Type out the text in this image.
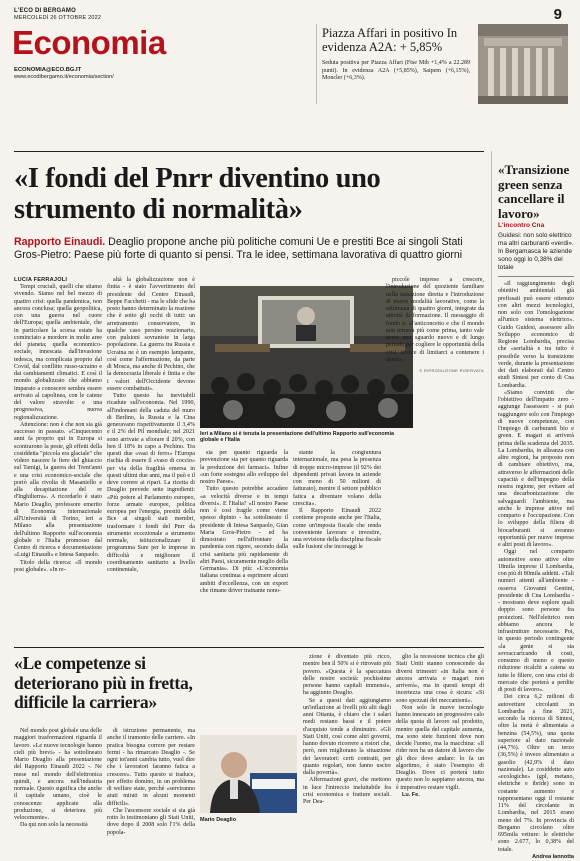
L'ECO DI BERGAMO
MERCOLEDÌ 26 OTTOBRE 2022	9
Economia
ECONOMIA@ECO.BG.IT
www.ecodibergamo.it/economia/section/
Piazza Affari in positivo In evidenza A2A: + 5,85%
Seduta positiva per Piazza Affari (Ftse Mib +1,4% a 22.289 punti). In evidenza A2A (+5,85%), Saipem (+6,15%), Moncler (+6,3%).
«I fondi del Pnrr diventino uno strumento di normalità»
Rapporto Einaudi. Deaglio propone anche più politiche comuni Ue e prestiti Bce ai singoli Stati Gros-Pietro: Paese più forte di quanto si pensi. Tra le idee, settimana lavorativa di quattro giorni
«Transizione green senza cancellare il lavoro»
L'incontro Cna
Guidesi: non solo elettrico ma altri carburanti «verdi». In Bergamasca le aziende sono oggi lo 0,38% del totale

«Il raggiungimento degli obiettivi ambientali già prefissati può essere ottenuto con altri mezzi tecnologici, non solo con l'omologazione all'unico sistema elettrico». Guido Guidesi, assessore allo Sviluppo economico di Regione Lombardia, precisa che «serialità e tra tutto è possibile verso la transizione verde, durante la presentazione dei dati elaborati dal Centro studi Sintesi per conto di Cna Lombardia.

«Siamo convinti che l'obiettivo dell'impatto zero - aggiunge l'assessore - si può raggiungere solo con l'impiego di nuove competenze, con l'impiego di carburanti bio e green. E magari si arriverà prima della scadenza del 2035. La Lombardia, in alleanza con altre regioni, ha proposto non di cambiare obiettivo, ma, attraverso le affermazioni delle capacità e dell'impegno della nostra regione, per evitare ad una decarbonizzazione che salvaguardi l'ambiente, ma anche le imprese attive nel comparto e l'occupazione. Con lo sviluppo della filiera di biocarburanti si avranno opportunità per nuove imprese e altri posti di lavoro».

Oggi nel comparto automotive sono attive oltre 18mila imprese il Lombardia, con più di 80mila addetti. «Tali numeri attenti all'ambiente - osserva Giovanni Gentini, presidente di Cna Lombardia - - mostrano deve esplore quali doppio sono persone fra proiezioni. Nell'elettrico non abbiamo ancora le infrastrutture necessarie. Poi, in questo periodo contingente «la gente si sta sovraccaricando di costi, consumo di meno e questo riduzione ricalchi a catena su tutte le filiere, con una crisi di mercato che porterà a perdite di posti di lavoro».

Dei circa 6,2 milioni di autovetture circolanti in Lombardia a fine 2021, secondo la ricerca di Sintesi, oltre la metà è alimentata a benzina (54,5%), una quota superiore al dato nazionale (44,7%). Oltre un terzo (36,5%) è invece alimentato a gasolio (42,9% il dato nazionale). Le cosiddette auto «ecologiche» (gpl, metano, elettriche e ibride) sono in costante aumento e rappresentano oggi il restante 11% del circolante in Lombardia, nel 2015 erano meno del 7%. In provincia di Bergamo circolano oltre 695mila vetture: le elettriche sono 2.677, lo 0,38% del totale.

Andrea Iannotta

LUCIA FERRAJOLI

Tempi cruciali, quelli che stiamo vivendo. Siamo nel bel mezzo di quattro crisi: quella pandemica, non ancora conclusa; quella geopolitica, con una guerra nel cuore dell'Europa; quella ambientale, che in particolare la scorsa estate ha cominciato a mordere in molte aree del pianeta; quella economico-sociale, innescata dall'invasione tedesca, ma complicata proprio dal Covid, dal conflitto russo-ucraino e dai cambiamenti climatici. E così il mondo globalizzato che abbiamo imparato a conoscere sembra essere arrivato al capolinea, con le catene del valore stravolte e una progressiva, nuova regionalizzazione.

Attenzione: non è che non sia già successo in passato. «Cinquecento anni fa proprio qui in Europa si scontrarono la peste, gli effetti della cosiddetta "piccola era glaciale" che videro nascere le fiere del ghiaccio sul Tamigi, la guerra dei Trent'anni e una crisi economico-sociale che portò alla rivolta di Masaniello e alla decapitazione del re d'Inghilterra». A ricordarlo è stato Mario Deaglio, professore emerito di Economia internazionale all'Università di Torino, ieri a Milano alla presentazione dell'ultimo Rapporto sull'economia globale e l'Italia promosso dal Centro di ricerca e documentazione «Luigi Einaudi» e Intesa Sanpaolo.

Titolo della ricerca: «Il mondo post globale». «In re-

altà la globalizzazione non è finita - è stato l'avvertimento del presidente del Centro Einaudi, Beppe Facchetti - ma le sfide che ha posto hanno determinato la reazione che è sotto gli occhi di tutti: un arretramento conservatore, in qualche caso persino reazionario, con pulsioni sovraniste in larga popolazione. La guerra tra Russia e Ucraina ne è un esempio lampante, così come l'affermazione, da parte di Mosca, ma anche di Pechino, che la democrazia liberale è finita e che i valori dell'Occidente devono essere combattuti».

Tutto questo ha inevitabili ricadute sull'economia. Nel 1990, all'indomani della caduta del muro di Berlino, la Russia e la Cina generavano rispettivamente il 3,4% e il 2% del Pil mondiale; nel 2021 sono arrivate a sfiorare il 20%, con ben il 18% in capo a Pechino. Tra questi due «vasi di ferro» l'Europa rischia di essere il «vaso di coccio» per via della fragilità emersa in questi ultimi due anni, ma il può e il deve correre ai ripari. La ricetta di Deaglio prevede sette ingredienti: «Più potere al Parlamento europeo, forze armate europee, politica europea per l'energia, prestiti della Bce ai singoli stati membri, trasformare i fondi del Pnrr da strumento eccezionale a strumento normale, istituzionalizzare il programma Sure per le imprese in difficoltà e migliorare il coordinamento sanitario a livello continentale,

Ieri a Milano si è tenuta la presentazione dell'ultimo Rapporto sull'economia globale e l'Italia

sia per quanto riguarda la prevenzione sia per quanto riguarda la produzione dei farmaci». Infine «un forte sostegno allo sviluppo del nostro Paese».

Tutto questo potrebbe accadere «a velocità diverse e in tempi diversi». E l'Italia? «Il nostro Paese non è così fragile come viene spesso dipinto - ha sottolineato il presidente di Intesa Sanpaolo, Gian Maria Gros-Pietro - ed ha dimostrato nell'affrontare la pandemia con rigore, secondo dalla crisi sanitaria più rapidamente di altri Paesi, sicuramente meglio della Germania». Di più: «L'economia italiana continua a esprimere alcuni ambiti d'eccellenza, con un export che rimane driver trainante nono-

stante la congiuntura internazionale, ma pesa la presenza di troppe micro-imprese (il 92% dei dipendenti privati lavora in aziende con meno di 50 milioni di fatturato), mentre il settore pubblico fatica a diventare volano della crescita».

Il Rapporto Einaudi 2022 contiene proposte anche per l'Italia, come un'imposta fiscale che renda conveniente lavorare e investire, una revisione della disciplina fiscale sulle fusioni che incoraggi le

piccole imprese a crescere, l'introduzione del quoziente familiare nella tassazione diretta e l'introduzione di nuove modalità lavorative, come la settimana di quattro giorni, integrate da attività di formazione. Il messaggio di fondo è: «l'anticoncetto e che il mondo non tornerà più come prima, tanto vale avere uno sguardo nuovo e di lungo periodo per cogliere le opportunità della crisi, invece di limitarci a contenere i danni».

© RIPRODUZIONE RISERVATA

«Le competenze si deteriorano più in fretta, difficile la carriera»

Nel mondo post globale una delle maggiori trasformazioni riguarda il lavoro. «Le nuove tecnologie hanno cieli più brevi» - ha sottolineato Mario Deaglio alla presentazione del Rapporto Einaudi 2022 -. Ne mese nel mondo dell'elettronica quindi, e ancora nell'industria normale. Questo significa che anche il capitale umano, cioè le conoscenze applicate alla produzione, si deteriora più velocemente».

Da qui non solo la necessità

di istruzione permanente, ma anche il tramonto delle carriere. «In pratica bisogna correre per restare fermi - ha rimarcato Deaglio -. Se ogni tot'anni cambia tutto, vuol dire che i lavoratori faranno fatica a crescere». Tutto questo si traduce, per effetto domino, in un problema di welfare state, perché «serviranno aiuti mirati in alcuni momenti difficili».

Che l'ascensore sociale si sia già rotto lo testimoniano gli Stati Uniti, dove dopo il 2008 solo l'1% della popola-

Mario Deaglio

zione è diventato più ricco, mentre ben il 50% si è ritrovato più povero. «Questa è la spaccatura delle nostre società: pochissime persone hanno capitali immensi», ha aggiunto Deaglio.

Se a questi dati aggiungiamo un'inflazione ai livelli più alti dagli anni Ottanta, è chiaro che i salari medi restano bassi e il potere d'acquisto tende a diminuire. «Gli Stati Uniti, così come altri governi, hanno dovuto ricorrere a ristori che, però, non migliorano la situazione dei lavoratori: certi contratti, per quanto regolari, non fanno uscire dalla povertà».

Affermazioni gravi, che mettono in luce l'intreccio ineluttabile fra crisi economica e fratture sociali. Per Dea-

glio la recessione tecnica che gli Stati Uniti stanno conoscendo da diversi trimestri «in Italia non è ancora arrivata e magari non arriverà», ma in questi tempi di incertezza una cosa è sicura: «Si sono spezzati dei meccanismi».

Non solo le nuove tecnologie hanno innescato un progressivo calo della quota di lavoro sul prodotto, mentre quella del capitale aumenta, ma sono stete funzioni dove non decide l'uomo, ma la macchina: «Il rider non ha un datore di lavoro che gli dice dove andare: lo fa un algoritmo, è stato l'esempio di Deaglio. Dove ci porterà tutto questo non lo sappiamo ancora, ma è imperativo restare vigili.

Lu. Fe.
